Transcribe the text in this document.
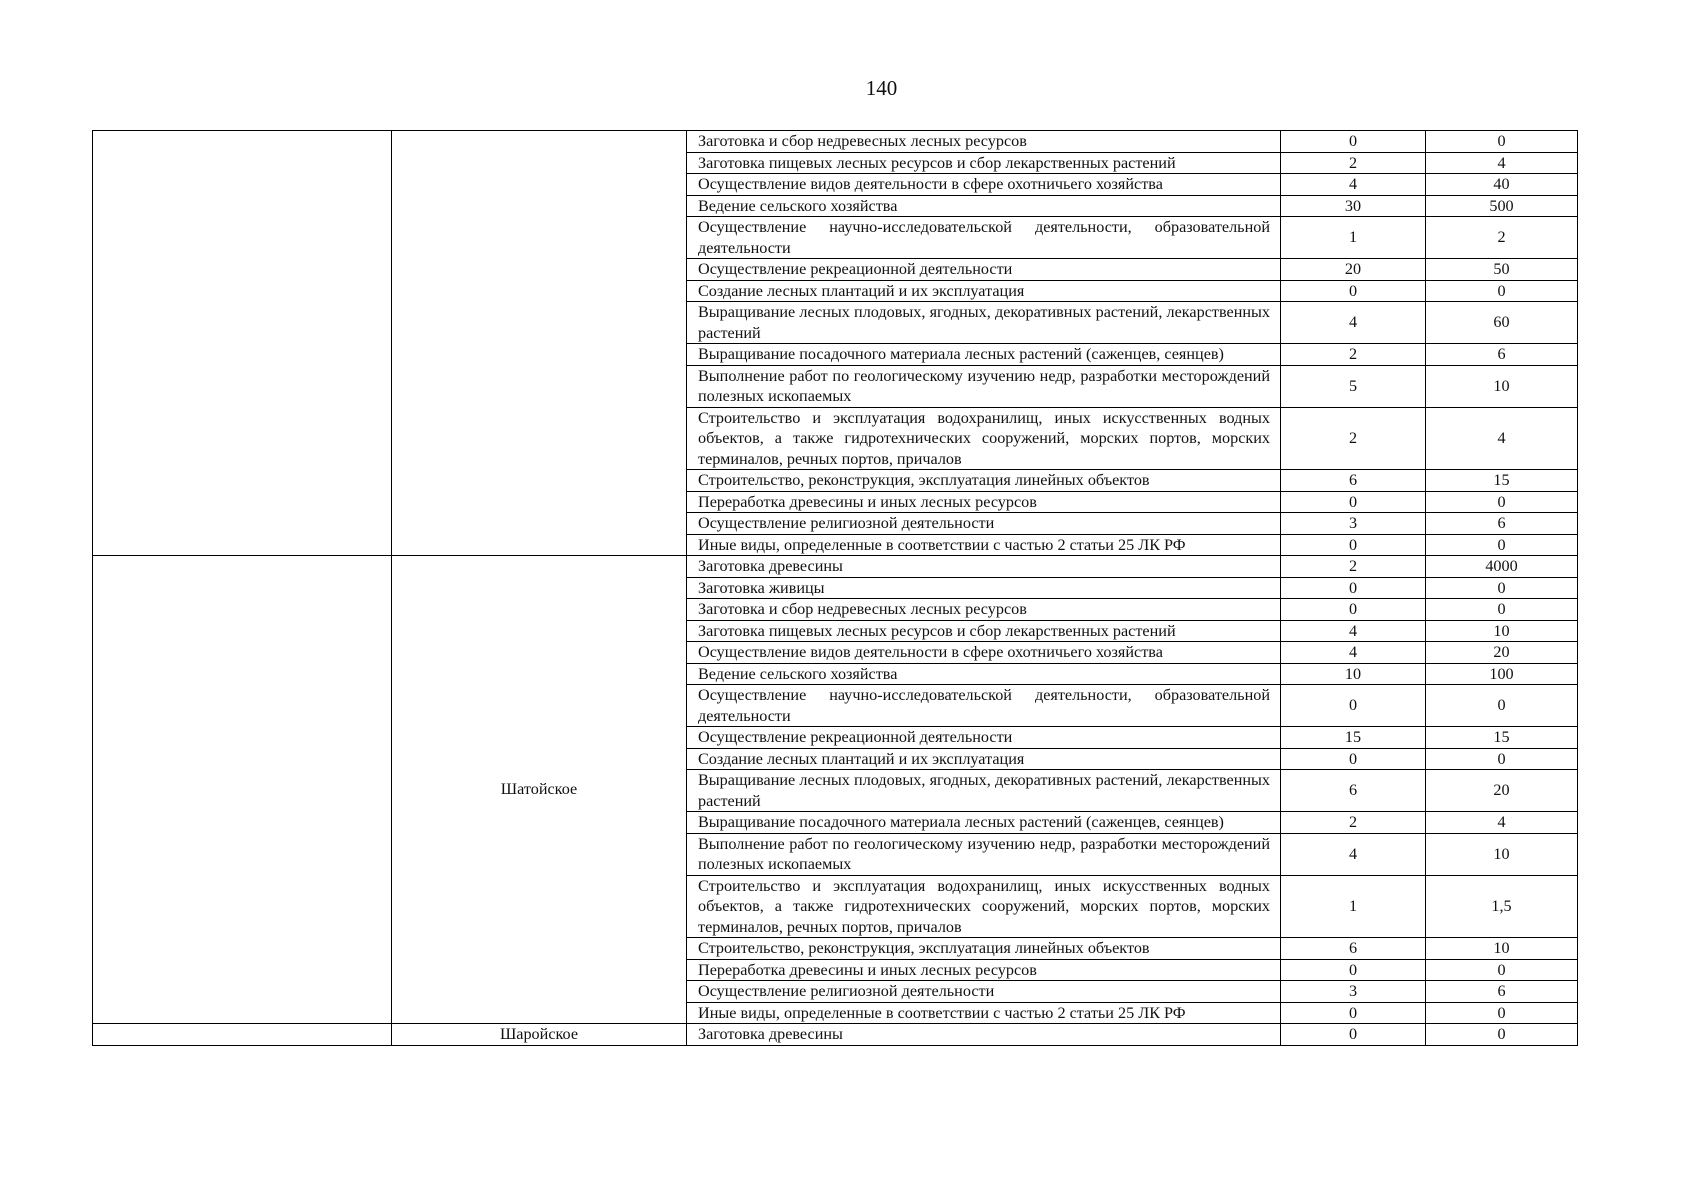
140
		Заготовка и сбор недревесных лесных ресурсов	0	0
		Заготовка пищевых лесных ресурсов и сбор лекарственных растений	2	4
		Осуществление видов деятельности в сфере охотничьего хозяйства	4	40
		Ведение сельского хозяйства	30	500
		Осуществление научно-исследовательской деятельности, образовательной деятельности	1	2
		Осуществление рекреационной деятельности	20	50
		Создание лесных плантаций и их эксплуатация	0	0
		Выращивание лесных плодовых, ягодных, декоративных растений, лекарственных растений	4	60
		Выращивание посадочного материала лесных растений (саженцев, сеянцев)	2	6
		Выполнение работ по геологическому изучению недр, разработки месторождений полезных ископаемых	5	10
		Строительство и эксплуатация водохранилищ, иных искусственных водных объектов, а также гидротехнических сооружений, морских портов, морских терминалов, речных портов, причалов	2	4
		Строительство, реконструкция, эксплуатация линейных объектов	6	15
		Переработка древесины и иных лесных ресурсов	0	0
		Осуществление религиозной деятельности	3	6
		Иные виды, определенные в соответствии с частью 2 статьи 25 ЛК РФ	0	0
	Шатойское	Заготовка древесины	2	4000
		Заготовка живицы	0	0
		Заготовка и сбор недревесных лесных ресурсов	0	0
		Заготовка пищевых лесных ресурсов и сбор лекарственных растений	4	10
		Осуществление видов деятельности в сфере охотничьего хозяйства	4	20
		Ведение сельского хозяйства	10	100
		Осуществление научно-исследовательской деятельности, образовательной деятельности	0	0
		Осуществление рекреационной деятельности	15	15
		Создание лесных плантаций и их эксплуатация	0	0
		Выращивание лесных плодовых, ягодных, декоративных растений, лекарственных растений	6	20
		Выращивание посадочного материала лесных растений (саженцев, сеянцев)	2	4
		Выполнение работ по геологическому изучению недр, разработки месторождений полезных ископаемых	4	10
		Строительство и эксплуатация водохранилищ, иных искусственных водных объектов, а также гидротехнических сооружений, морских портов, морских терминалов, речных портов, причалов	1	1,5
		Строительство, реконструкция, эксплуатация линейных объектов	6	10
		Переработка древесины и иных лесных ресурсов	0	0
		Осуществление религиозной деятельности	3	6
		Иные виды, определенные в соответствии с частью 2 статьи 25 ЛК РФ	0	0
	Шаройское	Заготовка древесины	0	0
